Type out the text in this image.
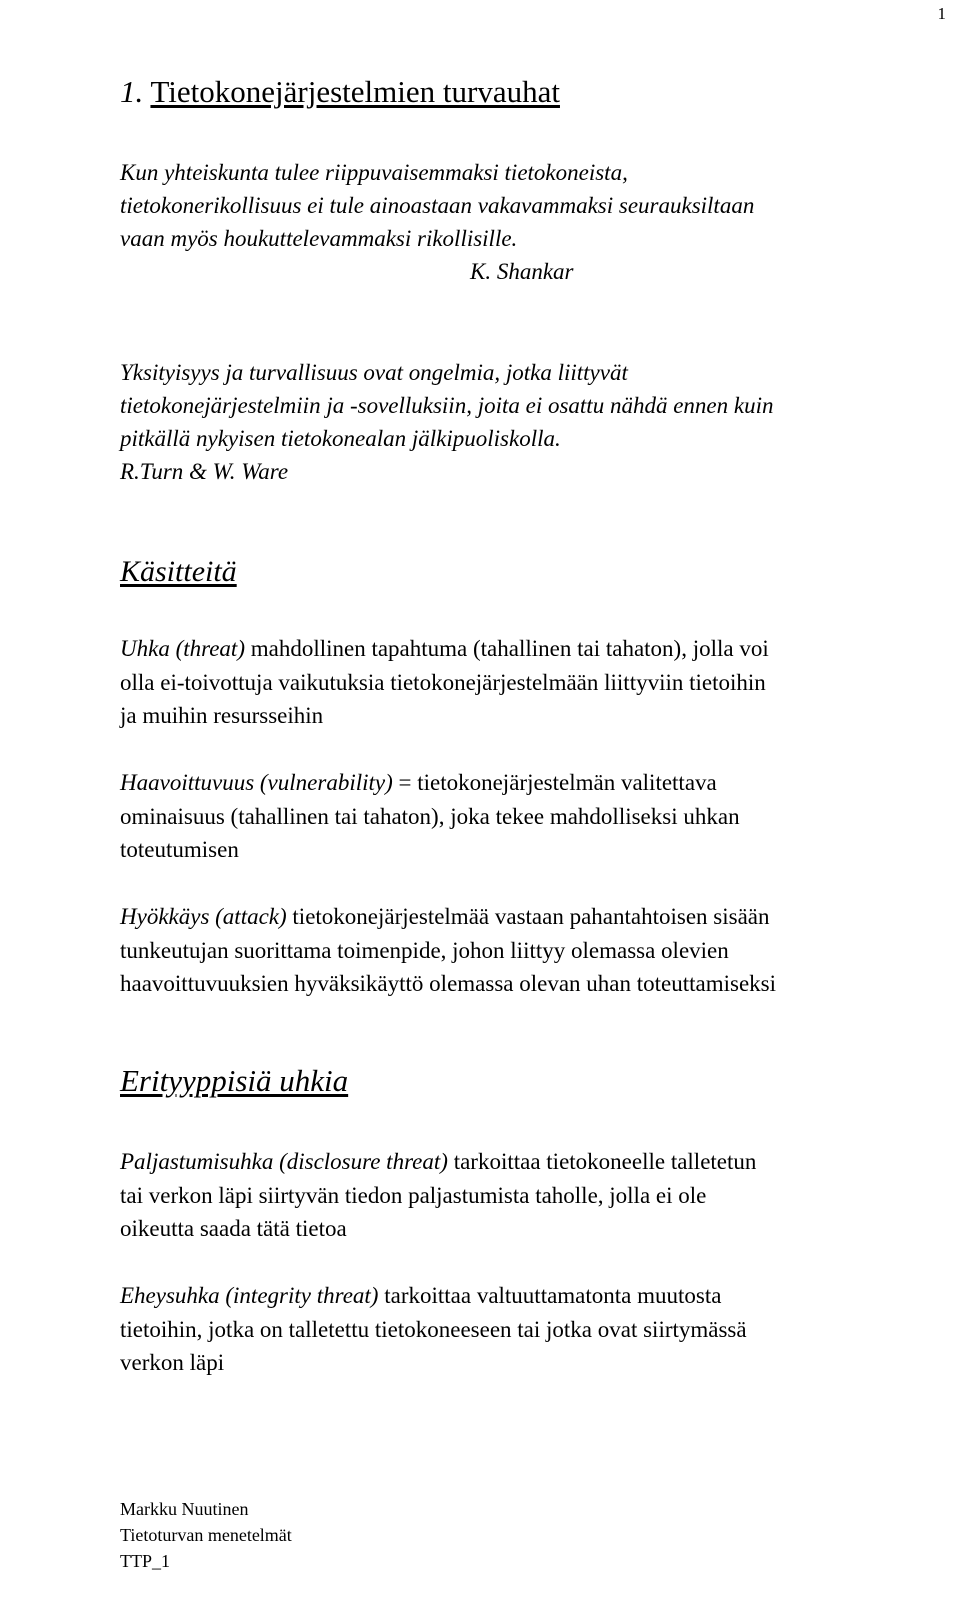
1
1. Tietokonejärjestelmien turvauhat
Kun yhteiskunta tulee riippuvaisemmaksi tietokoneista,
tietokonerikollisuus ei tule ainoastaan vakavammaksi seurauksiltaan
vaan myös houkuttelevammaksi rikollisille.
K. Shankar
Yksityisyys ja turvallisuus ovat ongelmia, jotka liittyvät
tietokonejärjestelmiin ja -sovelluksiin, joita ei osattu nähdä ennen kuin
pitkällä nykyisen tietokonealan jälkipuoliskolla.
R.Turn & W. Ware
Käsitteitä
Uhka (threat) mahdollinen tapahtuma (tahallinen tai tahaton), jolla voi
olla ei-toivottuja vaikutuksia tietokonejärjestelmään liittyviin tietoihin
ja muihin resursseihin
Haavoittuvuus (vulnerability) = tietokonejärjestelmän valitettava
ominaisuus (tahallinen tai tahaton), joka tekee mahdolliseksi uhkan
toteutumisen
Hyökkäys (attack) tietokonejärjestelmää vastaan pahantahtoisen sisään
tunkeutujan suorittama toimenpide, johon liittyy olemassa olevien
haavoittuvuuksien hyväksikäyttö olemassa olevan uhan toteuttamiseksi
Erityyppisiä uhkia
Paljastumisuhka (disclosure threat) tarkoittaa tietokoneelle talletetun
tai verkon läpi siirtyvän tiedon paljastumista taholle, jolla ei ole
oikeutta saada tätä tietoa
Eheysuhka (integrity threat) tarkoittaa valtuuttamatonta muutosta
tietoihin, jotka on talletettu tietokoneeseen tai jotka ovat siirtymässä
verkon läpi
Markku Nuutinen
Tietoturvan menetelmät
TTP_1
